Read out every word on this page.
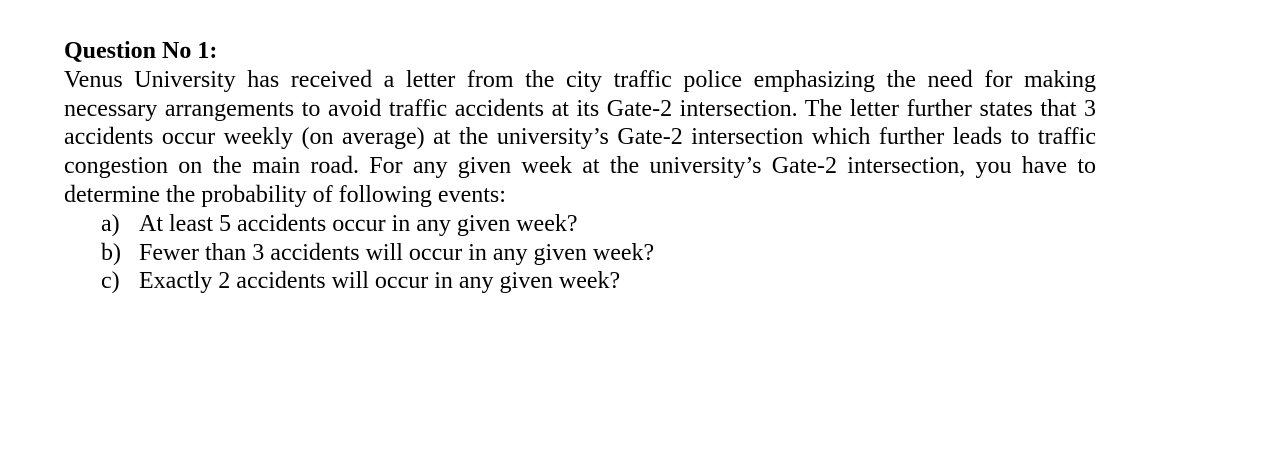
Question No 1:

Venus University has received a letter from the city traffic police emphasizing the need for making necessary arrangements to avoid traffic accidents at its Gate-2 intersection. The letter further states that 3 accidents occur weekly (on average) at the university’s Gate-2 intersection which further leads to traffic congestion on the main road. For any given week at the university’s Gate-2 intersection, you have to determine the probability of following events:

a) At least 5 accidents occur in any given week?
b) Fewer than 3 accidents will occur in any given week?
c) Exactly 2 accidents will occur in any given week?
